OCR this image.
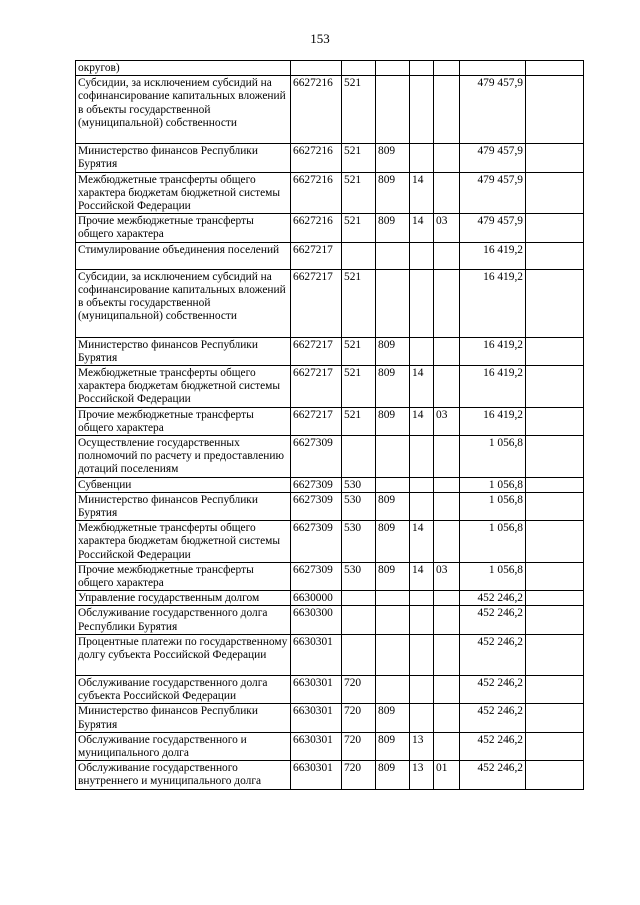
153
округов)							
Субсидии, за исключением субсидий на софинансирование капитальных вложений в объекты государственной (муниципальной) собственности	6627216	521				479 457,9	
Министерство финансов Республики Бурятия	6627216	521	809			479 457,9	
Межбюджетные трансферты общего характера бюджетам бюджетной системы Российской Федерации	6627216	521	809	14		479 457,9	
Прочие межбюджетные трансферты общего характера	6627216	521	809	14	03	479 457,9	
Стимулирование объединения поселений	6627217					16 419,2	
Субсидии, за исключением субсидий на софинансирование капитальных вложений в объекты государственной (муниципальной) собственности	6627217	521				16 419,2	
Министерство финансов Республики Бурятия	6627217	521	809			16 419,2	
Межбюджетные трансферты общего характера бюджетам бюджетной системы Российской Федерации	6627217	521	809	14		16 419,2	
Прочие межбюджетные трансферты общего характера	6627217	521	809	14	03	16 419,2	
Осуществление государственных полномочий по расчету и предоставлению дотаций поселениям	6627309					1 056,8	
Субвенции	6627309	530				1 056,8	
Министерство финансов Республики Бурятия	6627309	530	809			1 056,8	
Межбюджетные трансферты общего характера бюджетам бюджетной системы Российской Федерации	6627309	530	809	14		1 056,8	
Прочие межбюджетные трансферты общего характера	6627309	530	809	14	03	1 056,8	
Управление государственным долгом	6630000					452 246,2	
Обслуживание государственного долга Республики Бурятия	6630300					452 246,2	
Процентные платежи по государственному долгу субъекта Российской Федерации	6630301					452 246,2	
Обслуживание государственного долга субъекта Российской Федерации	6630301	720				452 246,2	
Министерство финансов Республики Бурятия	6630301	720	809			452 246,2	
Обслуживание государственного и муниципального долга	6630301	720	809	13		452 246,2	
Обслуживание государственного внутреннего и муниципального долга	6630301	720	809	13	01	452 246,2	
